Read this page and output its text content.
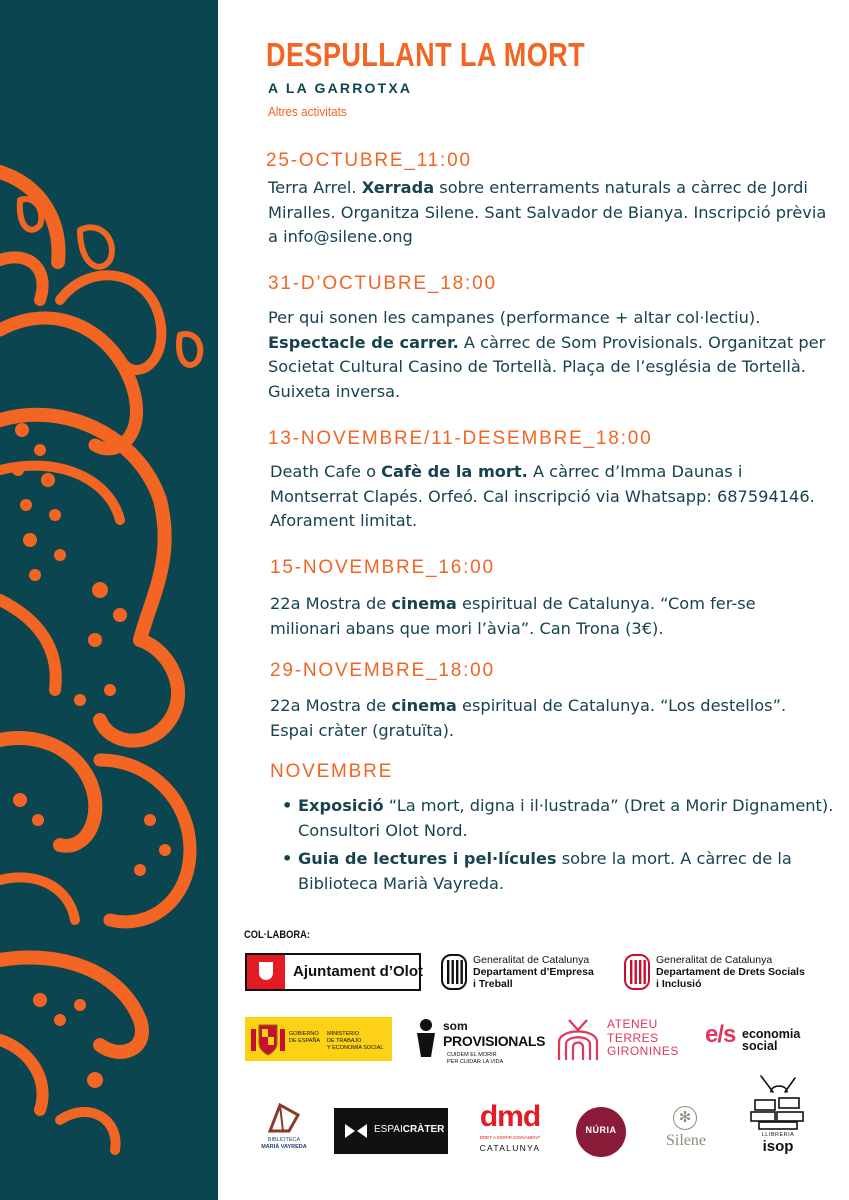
DESPULLANT LA MORT
A LA GARROTXA
Altres activitats
25-OCTUBRE_11:00
Terra Arrel. Xerrada sobre enterraments naturals a càrrec de Jordi Miralles. Organitza Silene. Sant Salvador de Bianya. Inscripció prèvia a info@silene.ong
31-D’OCTUBRE_18:00
Per qui sonen les campanes (performance + altar col·lectiu). Espectacle de carrer. A càrrec de Som Provisionals. Organitzat per Societat Cultural Casino de Tortellà. Plaça de l’església de Tortellà. Guixeta inversa.
13-NOVEMBRE/11-DESEMBRE_18:00
Death Cafe o Cafè de la mort. A càrrec d’Imma Daunas i Montserrat Clapés. Orfeó. Cal inscripció via Whatsapp: 687594146. Aforament limitat.
15-NOVEMBRE_16:00
22a Mostra de cinema espiritual de Catalunya. “Com fer-se milionari abans que mori l’àvia”. Can Trona (3€).
29-NOVEMBRE_18:00
22a Mostra de cinema espiritual de Catalunya. “Los destellos”. Espai cràter (gratuïta).
NOVEMBRE
• Exposició “La mort, digna i il·lustrada” (Dret a Morir Dignament). Consultori Olot Nord.
• Guia de lectures i pel·lícules sobre la mort. A càrrec de la Biblioteca Marià Vayreda.
COL·LABORA:
Ajuntament d’Olot
Generalitat de Catalunya
Departament d’Empresa
i Treball
Generalitat de Catalunya
Departament de Drets Socials
i Inclusió
GOBIERNO
DE ESPAÑA
MINISTERIO
DE TRABAJO
Y ECONOMÍA SOCIAL
som
PROVISIONALS
CUIDEM EL MORIR
PER CUIDAR LA VIDA
ATENEU
TERRES
GIRONINES
e/s economia
social
BIBLIOTECA
MARIÀ VAYREDA
ESPAICRÀTER	dmd
DRET A MORIR DIGNAMENT
CATALUNYA
NÚRIA
✻
Silene	LLIBRERIA
isop
